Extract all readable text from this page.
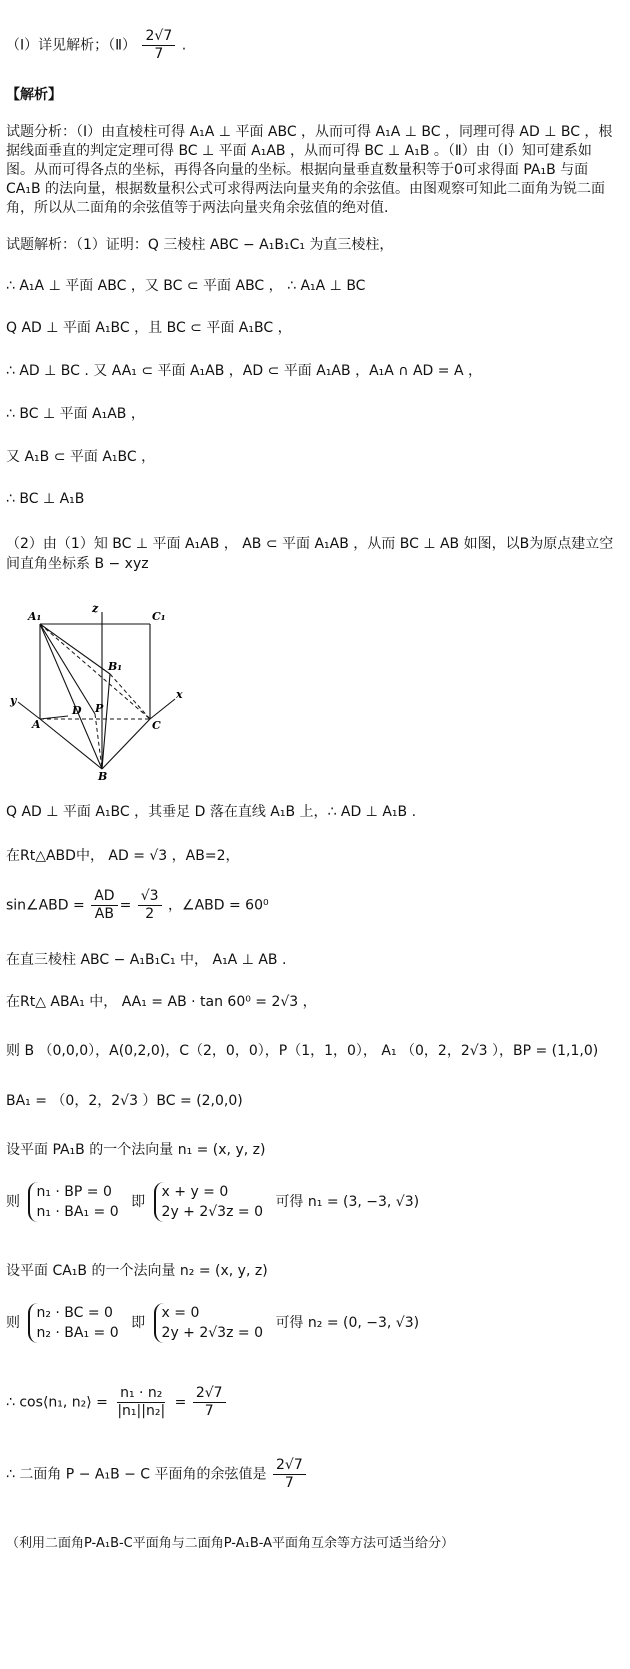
（Ⅰ）详见解析；（Ⅱ） $\frac{2√7}{7}$ .
【解析】
试题分析：（Ⅰ）由直棱柱可得 A₁A ⊥ 平面 ABC ，从而可得 A₁A ⊥ BC ，同理可得 AD ⊥ BC ，根据线面垂直的判定定理可得 BC ⊥ 平面 A₁AB ，从而可得 BC ⊥ A₁B 。（Ⅱ）由（Ⅰ）知可建系如图。从而可得各点的坐标，再得各向量的坐标。根据向量垂直数量积等于0可求得面 PA₁B 与面 CA₁B 的法向量，根据数量积公式可求得两法向量夹角的余弦值。由图观察可知此二面角为锐二面角，所以从二面角的余弦值等于两法向量夹角余弦值的绝对值.
试题解析：（1）证明：Q 三棱柱 ABC − A₁B₁C₁ 为直三棱柱，
∴ A₁A ⊥ 平面 ABC ，又 BC ⊂ 平面 ABC ， ∴ A₁A ⊥ BC
Q AD ⊥ 平面 A₁BC ，且 BC ⊂ 平面 A₁BC ，
∴ AD ⊥ BC . 又 AA₁ ⊂ 平面 A₁AB ，AD ⊂ 平面 A₁AB ，A₁A ∩ AD = A ，
∴ BC ⊥ 平面 A₁AB ，
又 A₁B ⊂ 平面 A₁BC ，
∴ BC ⊥ A₁B
（2）由（1）知 BC ⊥ 平面 A₁AB ， AB ⊂ 平面 A₁AB ，从而 BC ⊥ AB 如图，以B为原点建立空间直角坐标系 B − xyz
A₁	C₁
B₁
z
y	x
A
D P
C
B
Q AD ⊥ 平面 A₁BC ，其垂足 D 落在直线 A₁B 上，∴ AD ⊥ A₁B .
在Rt△ABD中， AD = √3 ，AB=2，
sin∠ABD = $\frac{AD}{AB} = \frac{√3}{2}$ ，∠ABD = 60⁰
在直三棱柱 ABC − A₁B₁C₁ 中， A₁A ⊥ AB .
在Rt△ ABA₁ 中， AA₁ = AB · tan 60⁰ = 2√3 ，
则 B （0,0,0），A(0,2,0)，C（2，0，0），P（1，1，0）， A₁ （0，2，2√3 ），BP = (1,1,0)
BA₁ = （0，2，2√3 ）BC = (2,0,0)
设平面 PA₁B 的一个法向量 n₁ = (x, y, z)
则
n₁ · BP = 0
n₁ · BA₁ = 0
即
x + y = 0
2y + 2√3z = 0
可得 n₁ = (3, −3, √3)
设平面 CA₁B 的一个法向量 n₂ = (x, y, z)
则
n₂ · BC = 0
n₂ · BA₁ = 0
即
x = 0
2y + 2√3z = 0
可得 n₂ = (0, −3, √3)
∴ cos⟨n₁, n₂⟩ = $\frac{\text{n₁ · n₂}}{\text{|n₁||n₂|}} = \frac{2√7}{7}$
∴ 二面角 P − A₁B − C 平面角的余弦值是 $\frac{2√7}{7}$
（利用二面角P-A₁B-C平面角与二面角P-A₁B-A平面角互余等方法可适当给分）
